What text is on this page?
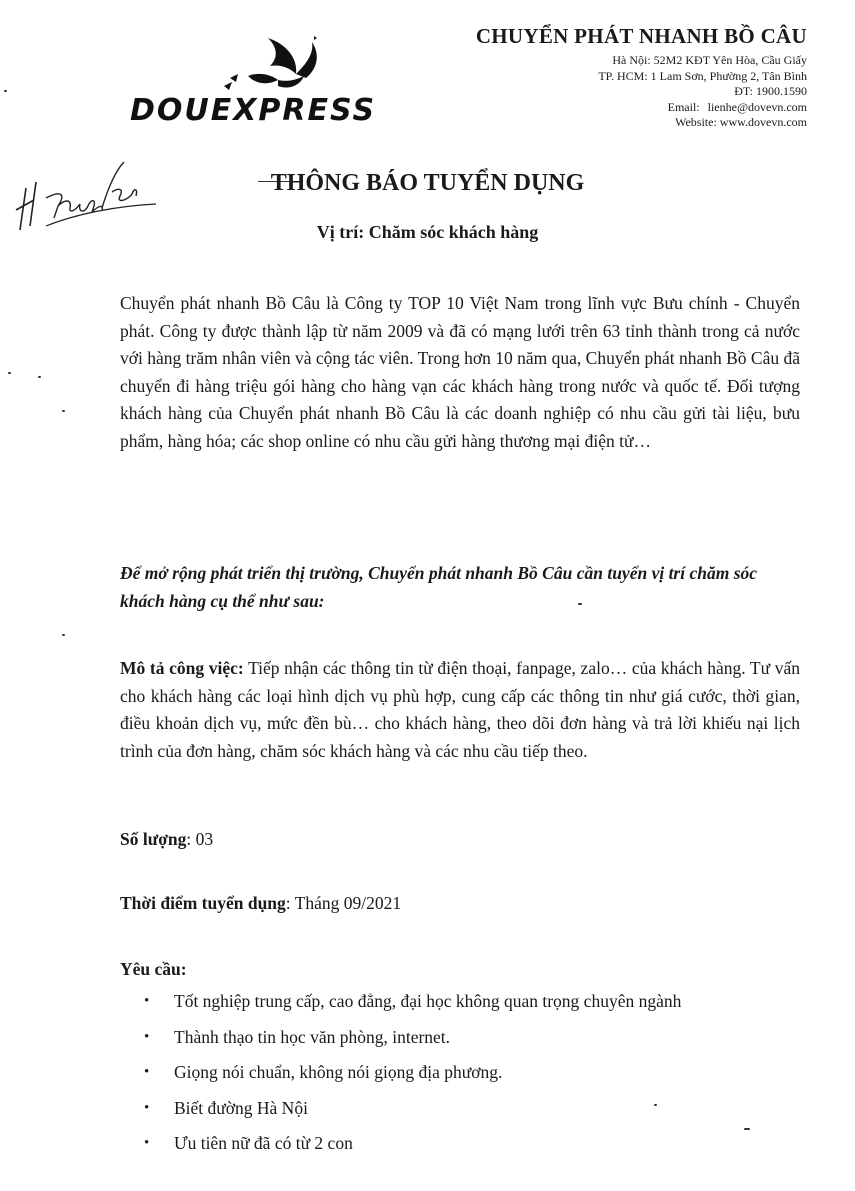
DOUEXPRESS
CHUYỂN PHÁT NHANH BỒ CÂU
Hà Nội: 52M2 KĐT Yên Hòa, Cầu Giấy
TP. HCM: 1 Lam Sơn, Phường 2, Tân Bình
ĐT: 1900.1590
Email: lienhe@dovevn.com
Website: www.dovevn.com
THÔNG BÁO TUYỂN DỤNG
Vị trí: Chăm sóc khách hàng
Chuyển phát nhanh Bồ Câu là Công ty TOP 10 Việt Nam trong lĩnh vực Bưu chính - Chuyển phát. Công ty được thành lập từ năm 2009 và đã có mạng lưới trên 63 tỉnh thành trong cả nước với hàng trăm nhân viên và cộng tác viên. Trong hơn 10 năm qua, Chuyển phát nhanh Bồ Câu đã chuyển đi hàng triệu gói hàng cho hàng vạn các khách hàng trong nước và quốc tế. Đối tượng khách hàng của Chuyển phát nhanh Bồ Câu là các doanh nghiệp có nhu cầu gửi tài liệu, bưu phẩm, hàng hóa; các shop online có nhu cầu gửi hàng thương mại điện tử…
Để mở rộng phát triển thị trường, Chuyển phát nhanh Bồ Câu cần tuyển vị trí chăm sóc khách hàng cụ thể như sau:
Mô tả công việc: Tiếp nhận các thông tin từ điện thoại, fanpage, zalo… của khách hàng. Tư vấn cho khách hàng các loại hình dịch vụ phù hợp, cung cấp các thông tin như giá cước, thời gian, điều khoản dịch vụ, mức đền bù… cho khách hàng, theo dõi đơn hàng và trả lời khiếu nại lịch trình của đơn hàng, chăm sóc khách hàng và các nhu cầu tiếp theo.
Số lượng: 03
Thời điểm tuyển dụng: Tháng 09/2021
Yêu cầu:
• Tốt nghiệp trung cấp, cao đẳng, đại học không quan trọng chuyên ngành
• Thành thạo tin học văn phòng, internet.
• Giọng nói chuẩn, không nói giọng địa phương.
• Biết đường Hà Nội
• Ưu tiên nữ đã có từ 2 con
